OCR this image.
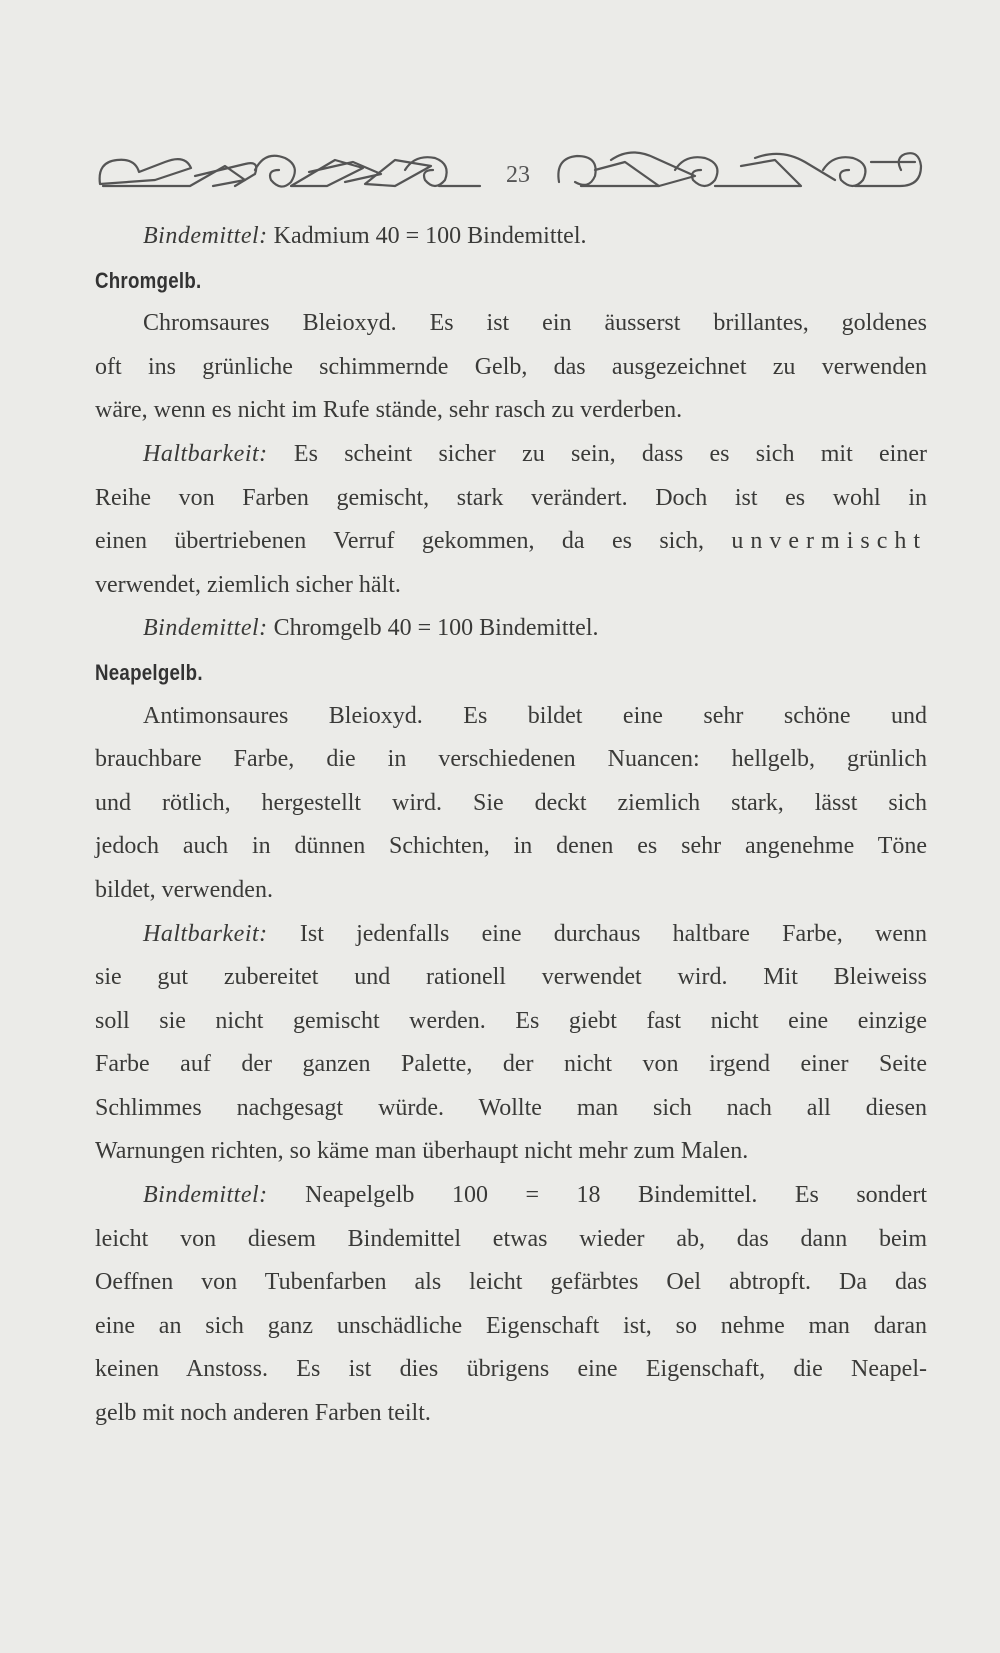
23

Bindemittel: Kadmium 40 = 100 Bindemittel.

Chromgelb.

Chromsaures Bleioxyd. Es ist ein äusserst brillantes, goldenes

oft ins grünliche schimmernde Gelb, das ausgezeichnet zu verwenden

wäre, wenn es nicht im Rufe stände, sehr rasch zu verderben.

Haltbarkeit: Es scheint sicher zu sein, dass es sich mit einer

Reihe von Farben gemischt, stark verändert. Doch ist es wohl in

einen übertriebenen Verruf gekommen, da es sich, unvermischt

verwendet, ziemlich sicher hält.

Bindemittel: Chromgelb 40 = 100 Bindemittel.

Neapelgelb.

Antimonsaures Bleioxyd. Es bildet eine sehr schöne und

brauchbare Farbe, die in verschiedenen Nuancen: hellgelb, grünlich

und rötlich, hergestellt wird. Sie deckt ziemlich stark, lässt sich

jedoch auch in dünnen Schichten, in denen es sehr angenehme Töne

bildet, verwenden.

Haltbarkeit: Ist jedenfalls eine durchaus haltbare Farbe, wenn

sie gut zubereitet und rationell verwendet wird. Mit Bleiweiss

soll sie nicht gemischt werden. Es giebt fast nicht eine einzige

Farbe auf der ganzen Palette, der nicht von irgend einer Seite

Schlimmes nachgesagt würde. Wollte man sich nach all diesen

Warnungen richten, so käme man überhaupt nicht mehr zum Malen.

Bindemittel: Neapelgelb 100 = 18 Bindemittel. Es sondert

leicht von diesem Bindemittel etwas wieder ab, das dann beim

Oeffnen von Tubenfarben als leicht gefärbtes Oel abtropft. Da das

eine an sich ganz unschädliche Eigenschaft ist, so nehme man daran

keinen Anstoss. Es ist dies übrigens eine Eigenschaft, die Neapel-

gelb mit noch anderen Farben teilt.
